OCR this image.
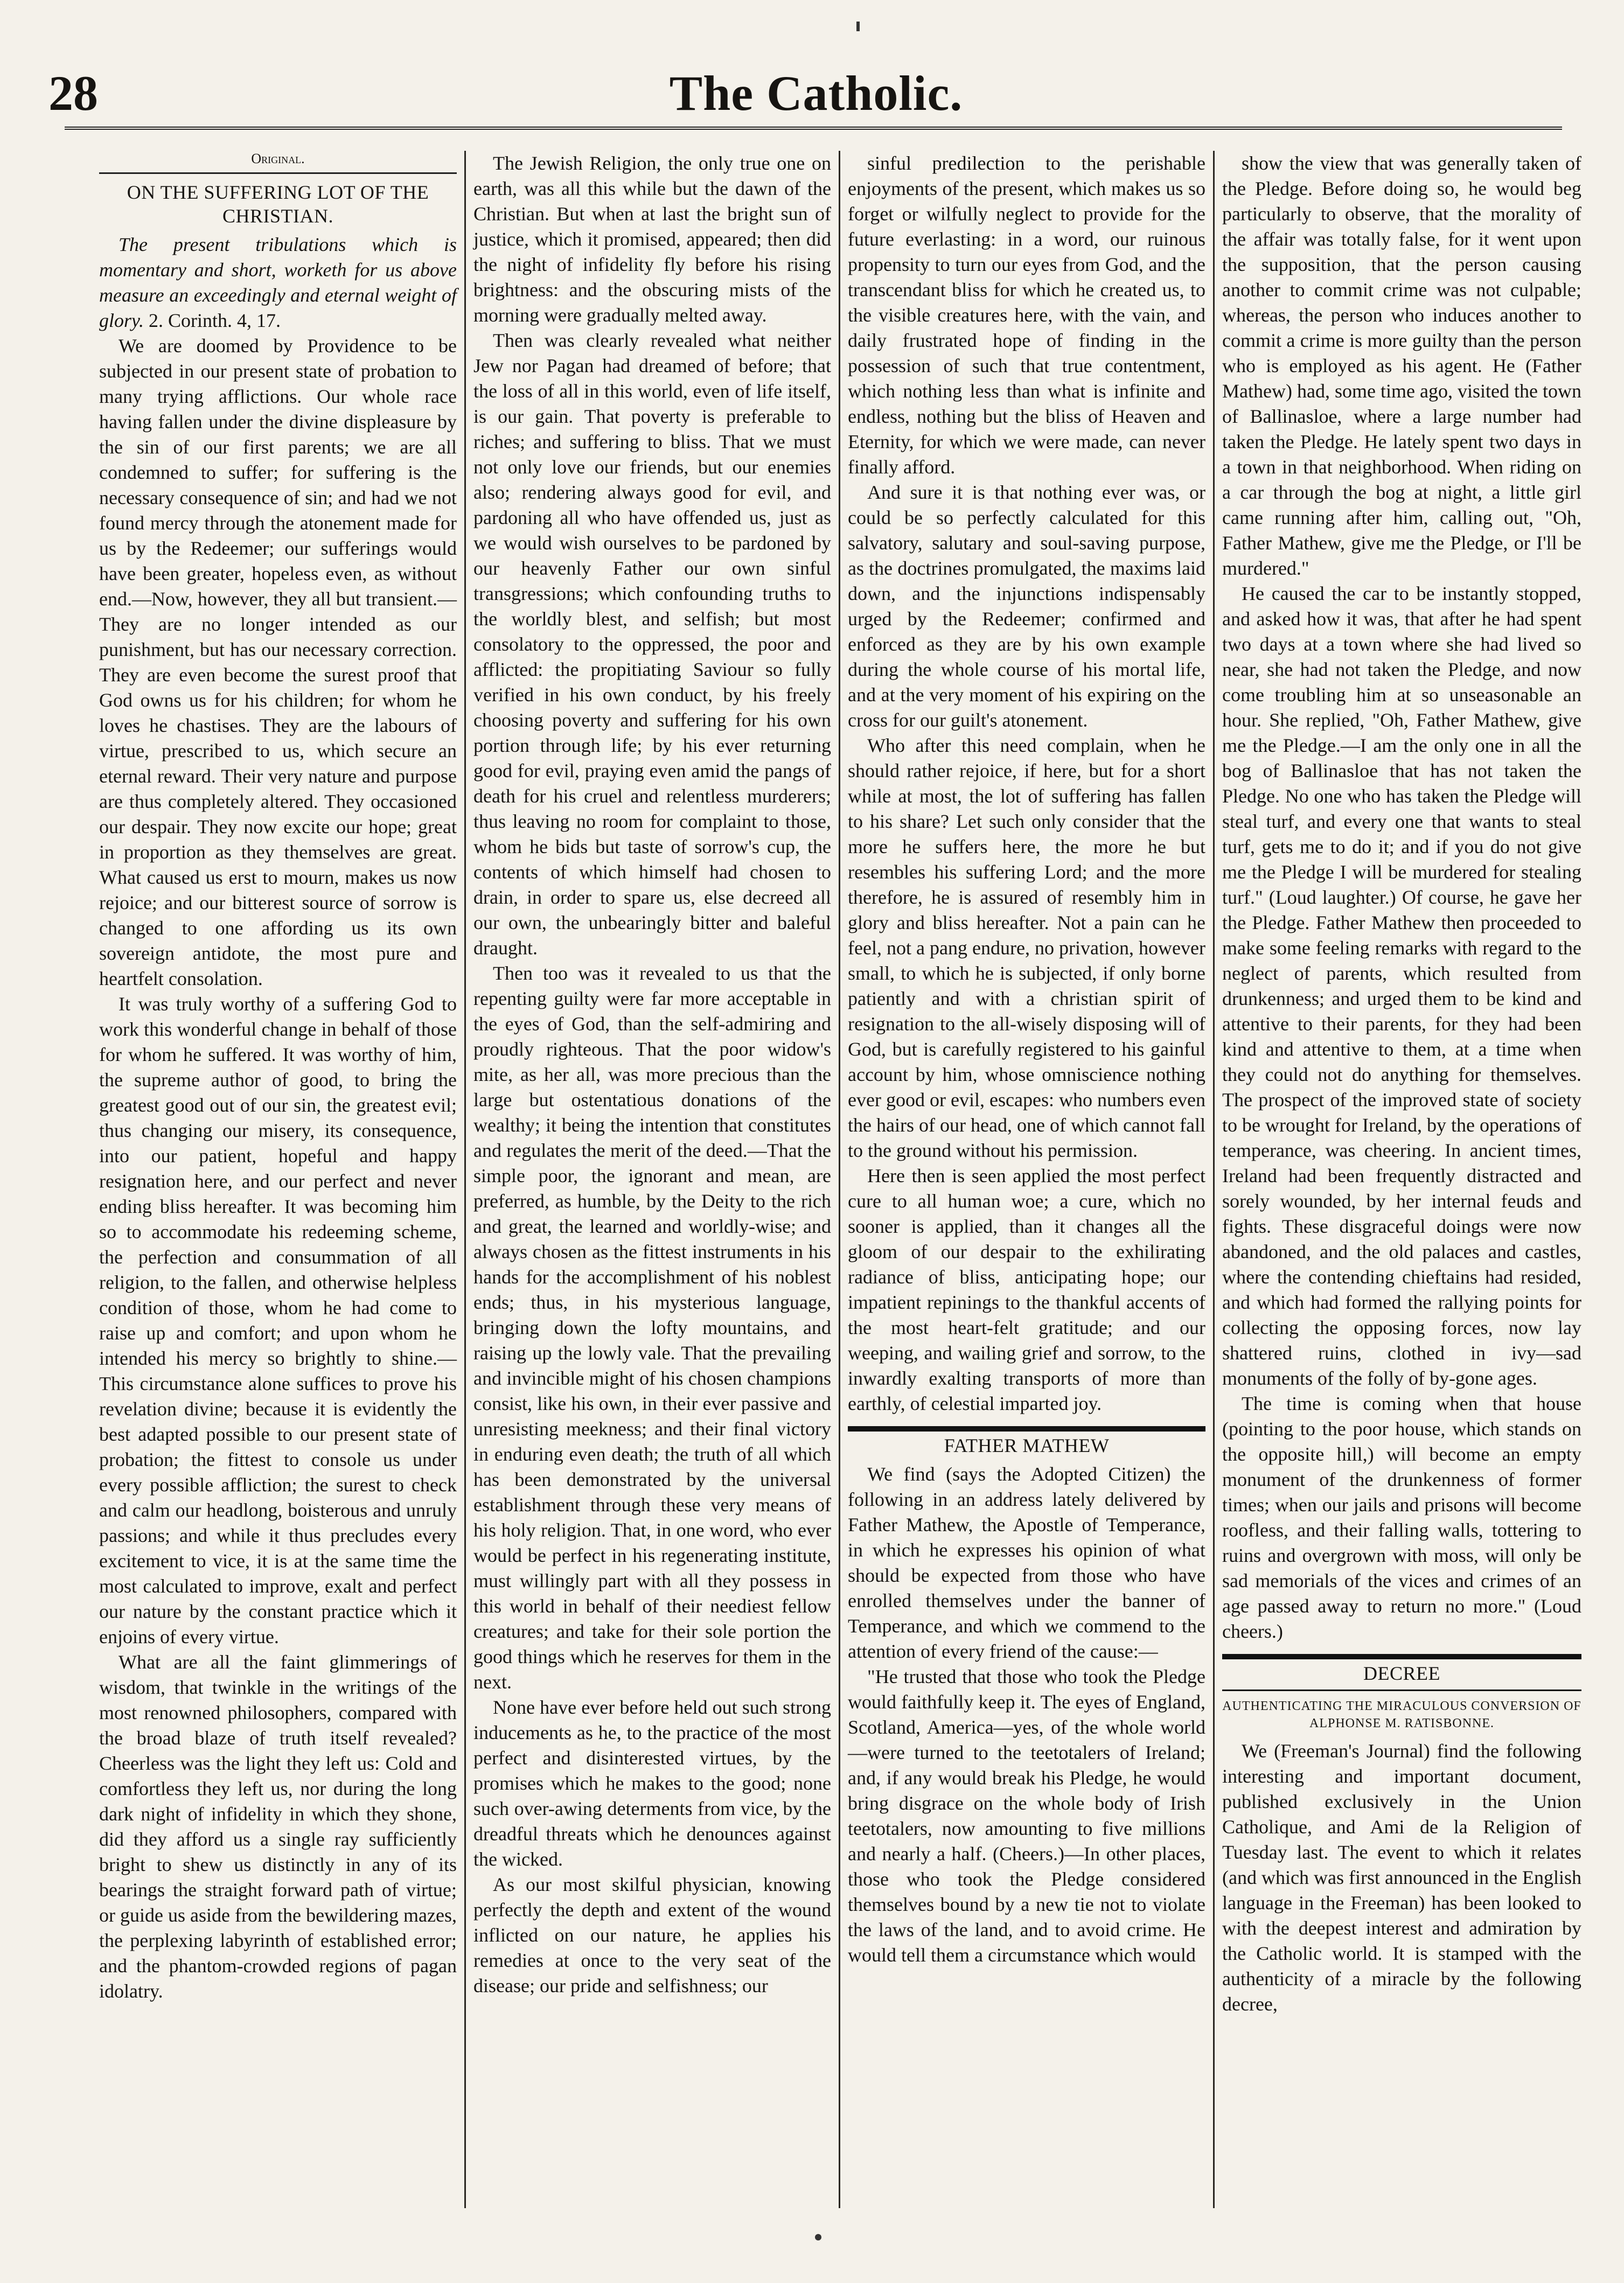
28	The Catholic.
Original.
ON THE SUFFERING LOT OF THE CHRISTIAN.

The present tribulations which is momentary and short, worketh for us above measure an exceedingly and eternal weight of glory. 2. Corinth. 4, 17.

We are doomed by Providence to be subjected in our present state of probation to many trying afflictions. Our whole race having fallen under the divine displeasure by the sin of our first parents; we are all condemned to suffer; for suffering is the necessary consequence of sin; and had we not found mercy through the atonement made for us by the Redeemer; our sufferings would have been greater, hopeless even, as without end.—Now, however, they all but transient.—They are no longer intended as our punishment, but has our necessary correction. They are even become the surest proof that God owns us for his children; for whom he loves he chastises. They are the labours of virtue, prescribed to us, which secure an eternal reward. Their very nature and purpose are thus completely altered. They occasioned our despair. They now excite our hope; great in proportion as they themselves are great. What caused us erst to mourn, makes us now rejoice; and our bitterest source of sorrow is changed to one affording us its own sovereign antidote, the most pure and heartfelt consolation.

It was truly worthy of a suffering God to work this wonderful change in behalf of those for whom he suffered. It was worthy of him, the supreme author of good, to bring the greatest good out of our sin, the greatest evil; thus changing our misery, its consequence, into our patient, hopeful and happy resignation here, and our perfect and never ending bliss hereafter. It was becoming him so to accommodate his redeeming scheme, the perfection and consummation of all religion, to the fallen, and otherwise helpless condition of those, whom he had come to raise up and comfort; and upon whom he intended his mercy so brightly to shine.—This circumstance alone suffices to prove his revelation divine; because it is evidently the best adapted possible to our present state of probation; the fittest to console us under every possible affliction; the surest to check and calm our headlong, boisterous and unruly passions; and while it thus precludes every excitement to vice, it is at the same time the most calculated to improve, exalt and perfect our nature by the constant practice which it enjoins of every virtue.

What are all the faint glimmerings of wisdom, that twinkle in the writings of the most renowned philosophers, compared with the broad blaze of truth itself revealed? Cheerless was the light they left us: Cold and comfortless they left us, nor during the long dark night of infidelity in which they shone, did they afford us a single ray sufficiently bright to shew us distinctly in any of its bearings the straight forward path of virtue; or guide us aside from the bewildering mazes, the perplexing labyrinth of established error; and the phantom-crowded regions of pagan idolatry.

The Jewish Religion, the only true one on earth, was all this while but the dawn of the Christian. But when at last the bright sun of justice, which it promised, appeared; then did the night of infidelity fly before his rising brightness: and the obscuring mists of the morning were gradually melted away.

Then was clearly revealed what neither Jew nor Pagan had dreamed of before; that the loss of all in this world, even of life itself, is our gain. That poverty is preferable to riches; and suffering to bliss. That we must not only love our friends, but our enemies also; rendering always good for evil, and pardoning all who have offended us, just as we would wish ourselves to be pardoned by our heavenly Father our own sinful transgressions; which confounding truths to the worldly blest, and selfish; but most consolatory to the oppressed, the poor and afflicted: the propitiating Saviour so fully verified in his own conduct, by his freely choosing poverty and suffering for his own portion through life; by his ever returning good for evil, praying even amid the pangs of death for his cruel and relentless murderers; thus leaving no room for complaint to those, whom he bids but taste of sorrow's cup, the contents of which himself had chosen to drain, in order to spare us, else decreed all our own, the unbearingly bitter and baleful draught.

Then too was it revealed to us that the repenting guilty were far more acceptable in the eyes of God, than the self-admiring and proudly righteous. That the poor widow's mite, as her all, was more precious than the large but ostentatious donations of the wealthy; it being the intention that constitutes and regulates the merit of the deed.—That the simple poor, the ignorant and mean, are preferred, as humble, by the Deity to the rich and great, the learned and worldly-wise; and always chosen as the fittest instruments in his hands for the accomplishment of his noblest ends; thus, in his mysterious language, bringing down the lofty mountains, and raising up the lowly vale. That the prevailing and invincible might of his chosen champions consist, like his own, in their ever passive and unresisting meekness; and their final victory in enduring even death; the truth of all which has been demonstrated by the universal establishment through these very means of his holy religion. That, in one word, who ever would be perfect in his regenerating institute, must willingly part with all they possess in this world in behalf of their neediest fellow creatures; and take for their sole portion the good things which he reserves for them in the next.

None have ever before held out such strong inducements as he, to the practice of the most perfect and disinterested virtues, by the promises which he makes to the good; none such over-awing determents from vice, by the dreadful threats which he denounces against the wicked.

As our most skilful physician, knowing perfectly the depth and extent of the wound inflicted on our nature, he applies his remedies at once to the very seat of the disease; our pride and selfishness; our

sinful predilection to the perishable enjoyments of the present, which makes us so forget or wilfully neglect to provide for the future everlasting: in a word, our ruinous propensity to turn our eyes from God, and the transcendant bliss for which he created us, to the visible creatures here, with the vain, and daily frustrated hope of finding in the possession of such that true contentment, which nothing less than what is infinite and endless, nothing but the bliss of Heaven and Eternity, for which we were made, can never finally afford.

And sure it is that nothing ever was, or could be so perfectly calculated for this salvatory, salutary and soul-saving purpose, as the doctrines promulgated, the maxims laid down, and the injunctions indispensably urged by the Redeemer; confirmed and enforced as they are by his own example during the whole course of his mortal life, and at the very moment of his expiring on the cross for our guilt's atonement.

Who after this need complain, when he should rather rejoice, if here, but for a short while at most, the lot of suffering has fallen to his share? Let such only consider that the more he suffers here, the more he but resembles his suffering Lord; and the more therefore, he is assured of resembly him in glory and bliss hereafter. Not a pain can he feel, not a pang endure, no privation, however small, to which he is subjected, if only borne patiently and with a christian spirit of resignation to the all-wisely disposing will of God, but is carefully registered to his gainful account by him, whose omniscience nothing ever good or evil, escapes: who numbers even the hairs of our head, one of which cannot fall to the ground without his permission.

Here then is seen applied the most perfect cure to all human woe; a cure, which no sooner is applied, than it changes all the gloom of our despair to the exhilirating radiance of bliss, anticipating hope; our impatient repinings to the thankful accents of the most heart-felt gratitude; and our weeping, and wailing grief and sorrow, to the inwardly exalting transports of more than earthly, of celestial imparted joy.

FATHER MATHEW

We find (says the Adopted Citizen) the following in an address lately delivered by Father Mathew, the Apostle of Temperance, in which he expresses his opinion of what should be expected from those who have enrolled themselves under the banner of Temperance, and which we commend to the attention of every friend of the cause:—

"He trusted that those who took the Pledge would faithfully keep it. The eyes of England, Scotland, America—yes, of the whole world—were turned to the teetotalers of Ireland; and, if any would break his Pledge, he would bring disgrace on the whole body of Irish teetotalers, now amounting to five millions and nearly a half. (Cheers.)—In other places, those who took the Pledge considered themselves bound by a new tie not to violate the laws of the land, and to avoid crime. He would tell them a circumstance which would

show the view that was generally taken of the Pledge. Before doing so, he would beg particularly to observe, that the morality of the affair was totally false, for it went upon the supposition, that the person causing another to commit crime was not culpable; whereas, the person who induces another to commit a crime is more guilty than the person who is employed as his agent. He (Father Mathew) had, some time ago, visited the town of Ballinasloe, where a large number had taken the Pledge. He lately spent two days in a town in that neighborhood. When riding on a car through the bog at night, a little girl came running after him, calling out, "Oh, Father Mathew, give me the Pledge, or I'll be murdered."

He caused the car to be instantly stopped, and asked how it was, that after he had spent two days at a town where she had lived so near, she had not taken the Pledge, and now come troubling him at so unseasonable an hour. She replied, "Oh, Father Mathew, give me the Pledge.—I am the only one in all the bog of Ballinasloe that has not taken the Pledge. No one who has taken the Pledge will steal turf, and every one that wants to steal turf, gets me to do it; and if you do not give me the Pledge I will be murdered for stealing turf." (Loud laughter.) Of course, he gave her the Pledge. Father Mathew then proceeded to make some feeling remarks with regard to the neglect of parents, which resulted from drunkenness; and urged them to be kind and attentive to their parents, for they had been kind and attentive to them, at a time when they could not do anything for themselves. The prospect of the improved state of society to be wrought for Ireland, by the operations of temperance, was cheering. In ancient times, Ireland had been frequently distracted and sorely wounded, by her internal feuds and fights. These disgraceful doings were now abandoned, and the old palaces and castles, where the contending chieftains had resided, and which had formed the rallying points for collecting the opposing forces, now lay shattered ruins, clothed in ivy—sad monuments of the folly of by-gone ages.

The time is coming when that house (pointing to the poor house, which stands on the opposite hill,) will become an empty monument of the drunkenness of former times; when our jails and prisons will become roofless, and their falling walls, tottering to ruins and overgrown with moss, will only be sad memorials of the vices and crimes of an age passed away to return no more." (Loud cheers.)

DECREE
AUTHENTICATING THE MIRACULOUS CONVERSION OF ALPHONSE M. RATISBONNE.

We (Freeman's Journal) find the following interesting and important document, published exclusively in the Union Catholique, and Ami de la Religion of Tuesday last. The event to which it relates (and which was first announced in the English language in the Freeman) has been looked to with the deepest interest and admiration by the Catholic world. It is stamped with the authenticity of a miracle by the following decree,
